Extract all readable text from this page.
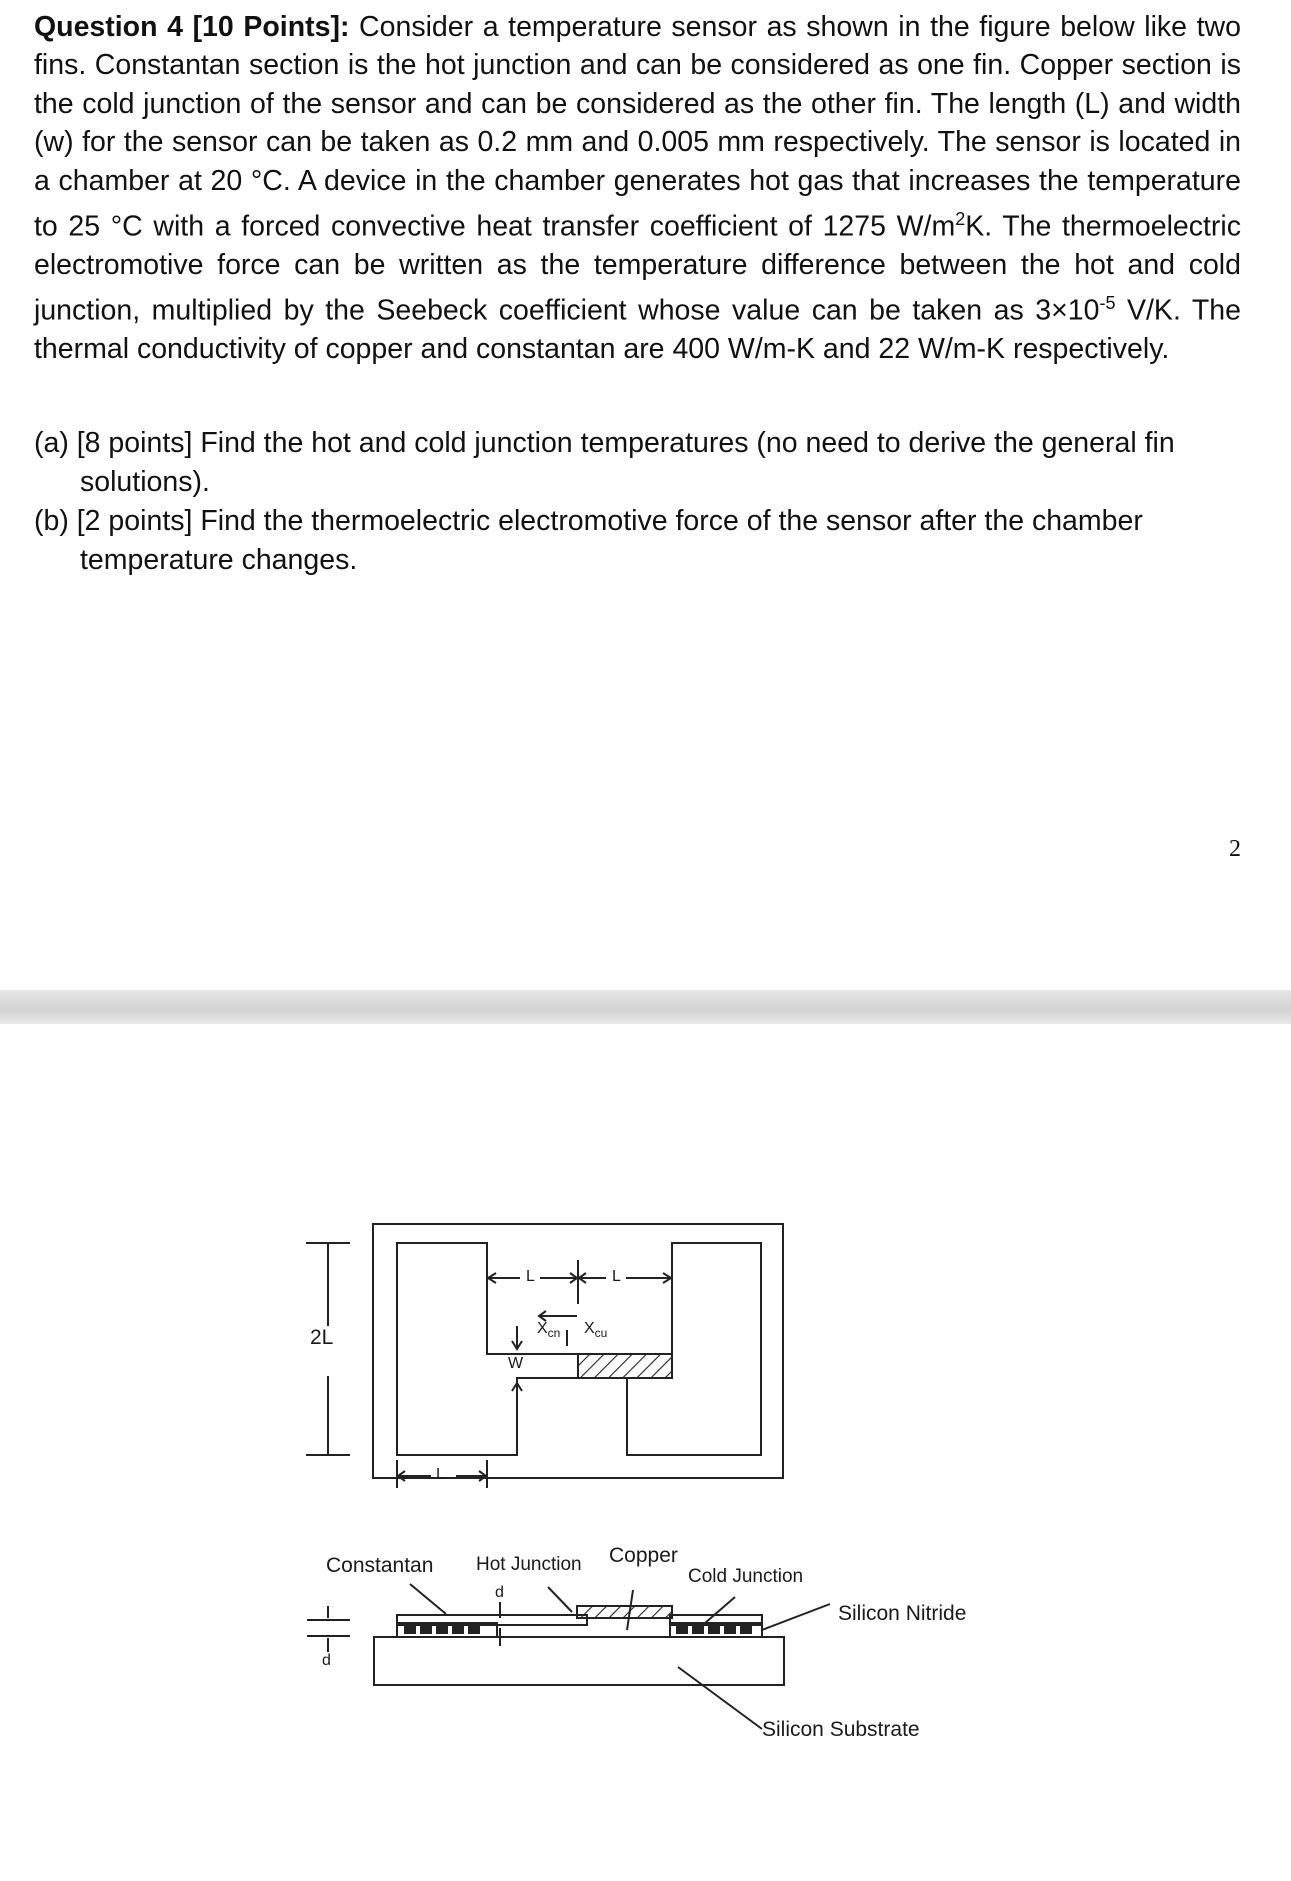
Question 4 [10 Points]: Consider a temperature sensor as shown in the figure below like two fins. Constantan section is the hot junction and can be considered as one fin. Copper section is the cold junction of the sensor and can be considered as the other fin. The length (L) and width (w) for the sensor can be taken as 0.2 mm and 0.005 mm respectively. The sensor is located in a chamber at 20 °C. A device in the chamber generates hot gas that increases the temperature to 25 °C with a forced convective heat transfer coefficient of 1275 $W/m^2K$. The thermoelectric electromotive force can be written as the temperature difference between the hot and cold junction, multiplied by the Seebeck coefficient whose value can be taken as $3\times 10^{-5}$ V/K. The thermal conductivity of copper and constantan are 400 W/m-K and 22 W/m-K respectively.
(a) [8 points] Find the hot and cold junction temperatures (no need to derive the general fin solutions).
(b) [2 points] Find the thermoelectric electromotive force of the sensor after the chamber temperature changes.
2
2L
L
L	L
W
$X_{cn}$ $X_{cu}$
Constantan Hot Junction Copper
Cold Junction
Silicon Nitride
Silicon Substrate
d
d
